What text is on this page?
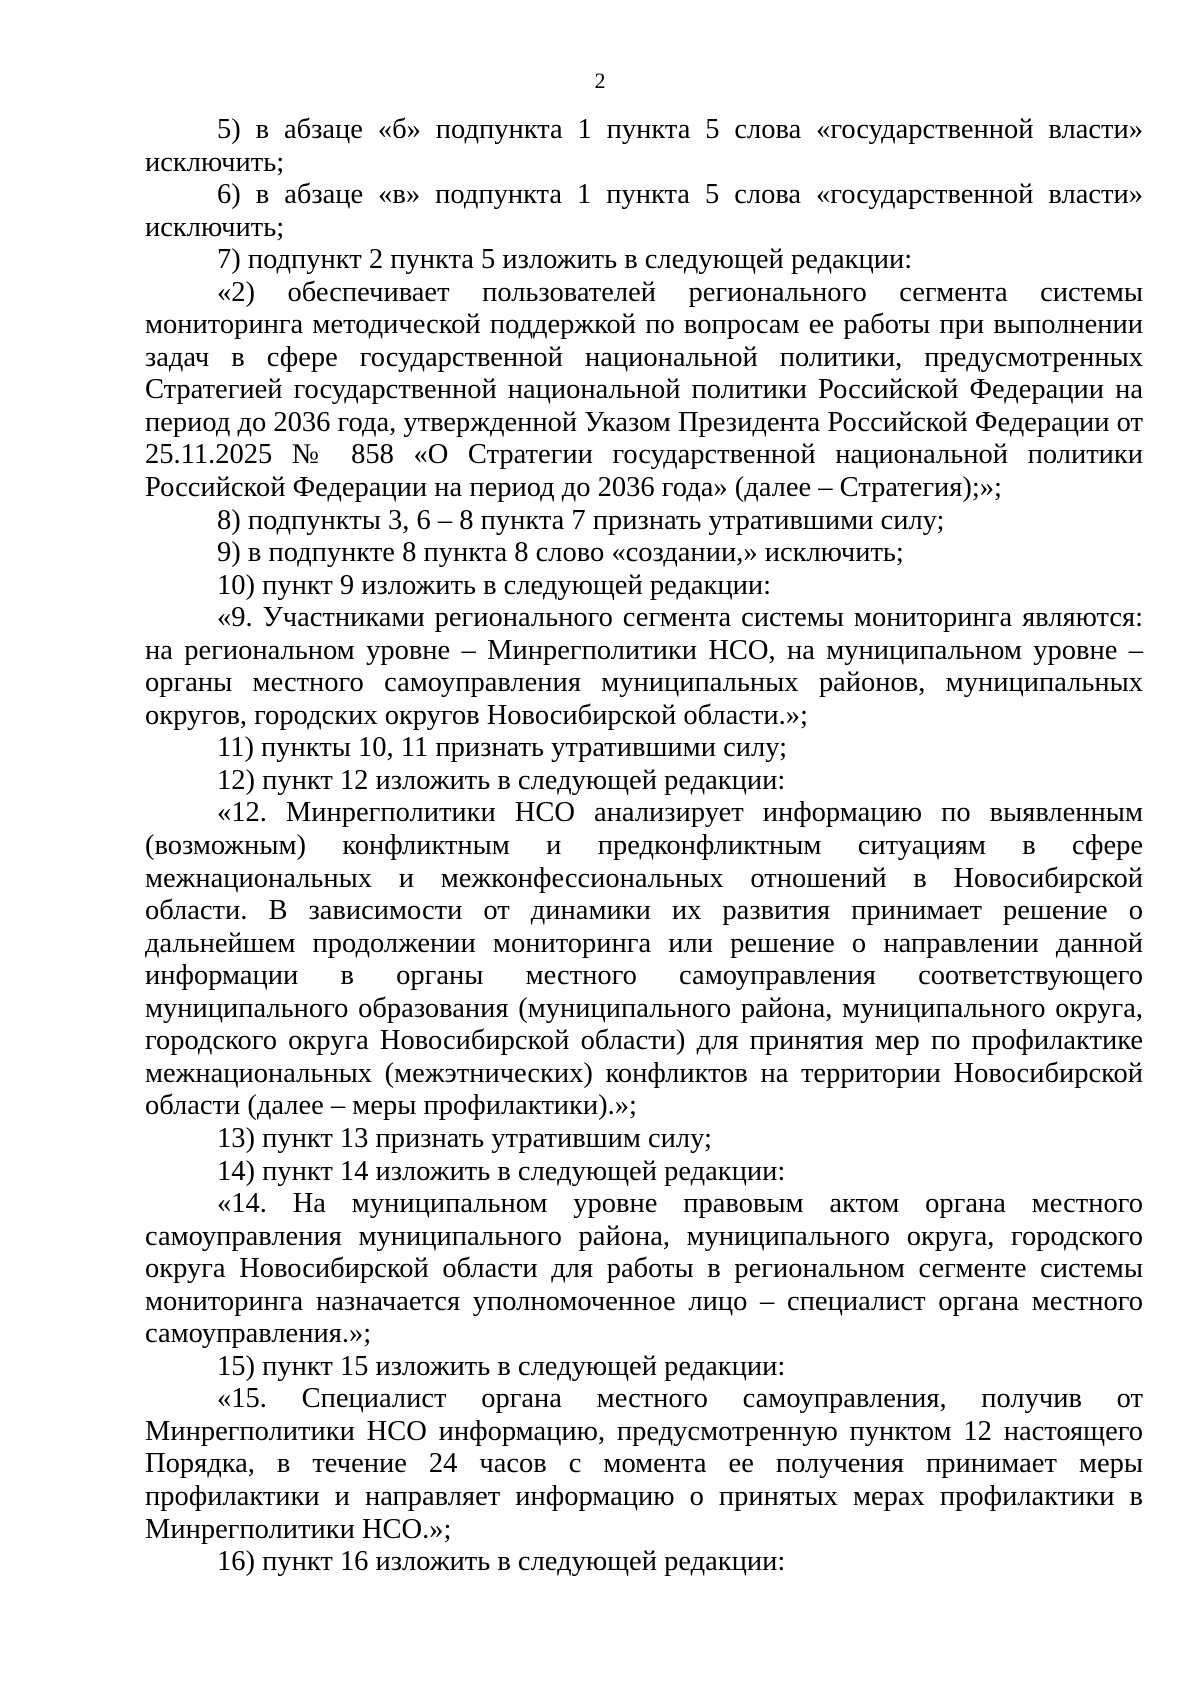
2

5) в абзаце «б» подпункта 1 пункта 5 слова «государственной власти» исключить;

6) в абзаце «в» подпункта 1 пункта 5 слова «государственной власти» исключить;

7) подпункт 2 пункта 5 изложить в следующей редакции:

«2) обеспечивает пользователей регионального сегмента системы мониторинга методической поддержкой по вопросам ее работы при выполнении задач в сфере государственной национальной политики, предусмотренных Стратегией государственной национальной политики Российской Федерации на период до 2036 года, утвержденной Указом Президента Российской Федерации от 25.11.2025 № 858 «О Стратегии государственной национальной политики Российской Федерации на период до 2036 года» (далее – Стратегия);»;

8) подпункты 3, 6 – 8 пункта 7 признать утратившими силу;

9) в подпункте 8 пункта 8 слово «создании,» исключить;

10) пункт 9 изложить в следующей редакции:

«9. Участниками регионального сегмента системы мониторинга являются: на региональном уровне – Минрегполитики НСО, на муниципальном уровне – органы местного самоуправления муниципальных районов, муниципальных округов, городских округов Новосибирской области.»;

11) пункты 10, 11 признать утратившими силу;

12) пункт 12 изложить в следующей редакции:

«12. Минрегполитики НСО анализирует информацию по выявленным (возможным) конфликтным и предконфликтным ситуациям в сфере межнациональных и межконфессиональных отношений в Новосибирской области. В зависимости от динамики их развития принимает решение о дальнейшем продолжении мониторинга или решение о направлении данной информации в органы местного самоуправления соответствующего муниципального образования (муниципального района, муниципального округа, городского округа Новосибирской области) для принятия мер по профилактике межнациональных (межэтнических) конфликтов на территории Новосибирской области (далее – меры профилактики).»;

13) пункт 13 признать утратившим силу;

14) пункт 14 изложить в следующей редакции:

«14. На муниципальном уровне правовым актом органа местного самоуправления муниципального района, муниципального округа, городского округа Новосибирской области для работы в региональном сегменте системы мониторинга назначается уполномоченное лицо – специалист органа местного самоуправления.»;

15) пункт 15 изложить в следующей редакции:

«15. Специалист органа местного самоуправления, получив от Минрегполитики НСО информацию, предусмотренную пунктом 12 настоящего Порядка, в течение 24 часов с момента ее получения принимает меры профилактики и направляет информацию о принятых мерах профилактики в Минрегполитики НСО.»;

16) пункт 16 изложить в следующей редакции:
